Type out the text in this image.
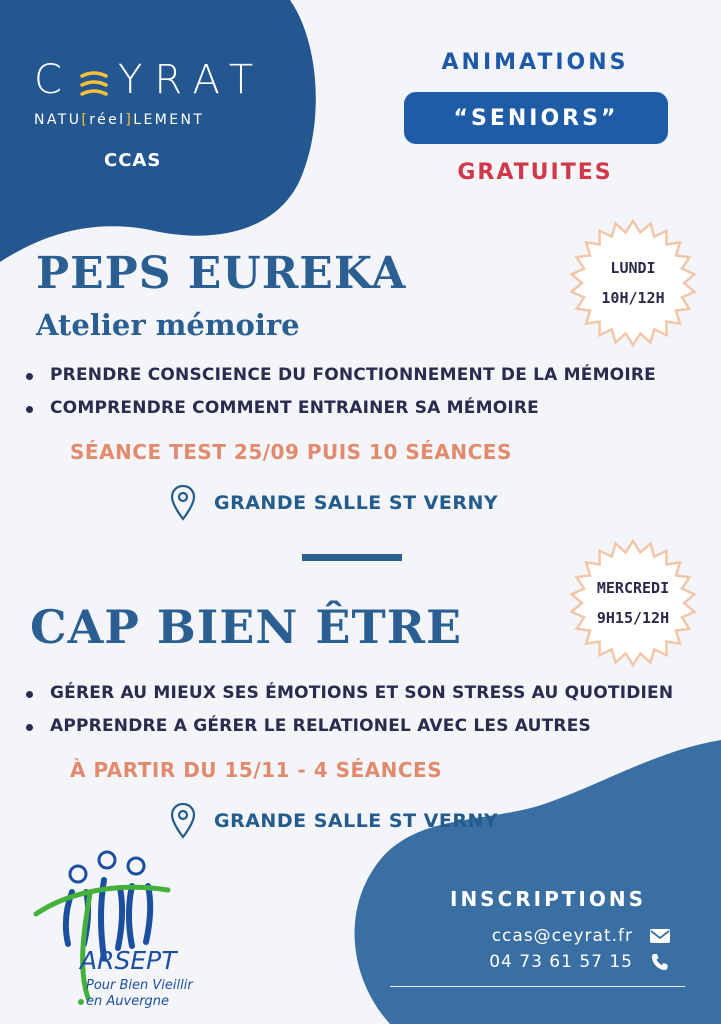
C YRAT
NATU[réel]LEMENT
CCAS
ANIMATIONS
“SENIORS”
GRATUITES
LUNDI
10H/12H
PEPS EUREKA
Atelier mémoire
PRENDRE CONSCIENCE DU FONCTIONNEMENT DE LA MÉMOIRE
COMPRENDRE COMMENT ENTRAINER SA MÉMOIRE
SÉANCE TEST 25/09 PUIS 10 SÉANCES
GRANDE SALLE ST VERNY
MERCREDI
9H15/12H
CAP BIEN ÊTRE
GÉRER AU MIEUX SES ÉMOTIONS ET SON STRESS AU QUOTIDIEN
APPRENDRE A GÉRER LE RELATIONEL AVEC LES AUTRES
À PARTIR DU 15/11 - 4 SÉANCES
GRANDE SALLE ST VERNY
ARSEPT
Pour Bien Vieillir
en Auvergne
INSCRIPTIONS
ccas@ceyrat.fr
04 73 61 57 15
